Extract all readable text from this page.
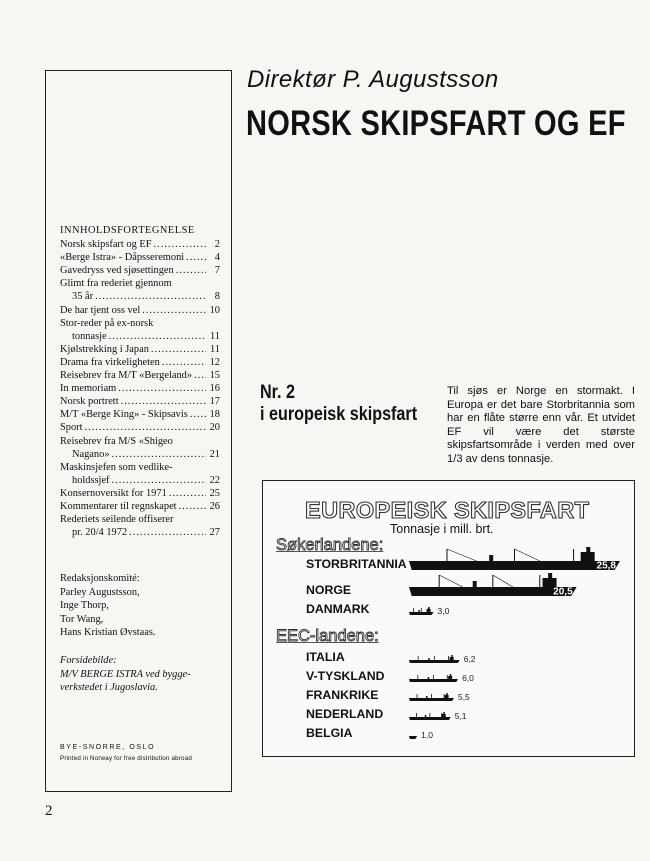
INNHOLDSFORTEGNELSE
Norsk skipsfart og EF .....	2
«Berge Istra» - Dåpsseremoni .....	4
Gavedryss ved sjøsettingen .....	7
Glimt fra rederiet gjennom
35 år .....	8
De har tjent oss vel .....	10
Stor-reder på ex-norsk
tonnasje .....	11
Kjølstrekking i Japan .....	11
Drama fra virkeligheten .....	12
Reisebrev fra M/T «Bergeland» ..... 15
In memoriam .....	16
Norsk portrett .....	17
M/T «Berge King» - Skipsavis ..... 18
Sport .....	20
Reisebrev fra M/S «Shigeo
Nagano» .....	21
Maskinsjefen som vedlike-
holdssjef .....	22
Konsernoversikt for 1971 .....	25
Kommentarer til regnskapet .....	26
Rederiets seilende offiserer
pr. 20/4 1972 .....	27
Redaksjonskomité:
Parley Augustsson,
Inge Thorp,
Tor Wang,
Hans Kristian Øvstaas.
Forsidebilde:
M/V BERGE ISTRA ved bygge-
verkstedet i Jugoslavia.
BYE-SNORRE, OSLO
Printed in Norway for free distribution abroad
2
Direktør P. Augustsson
NORSK SKIPSFART OG EF
Nr. 2
i europeisk skipsfart
Til sjøs er Norge en stormakt. I Europa er det bare Storbritannia som har en flåte større enn vår. Et utvidet EF vil være det største skipsfartsområde i verden med over 1/3 av dens tonnasje.
EUROPEISK SKIPSFART
Tonnasje i mill. brt.
Søkerlandene:
EEC-landene:
STORBRITANNIA
NORGE
DANMARK
ITALIA
V-TYSKLAND
FRANKRIKE
NEDERLAND
BELGIA
25,8
20,5
3,0
6,2
6,0
5,5
5,1
1,0
